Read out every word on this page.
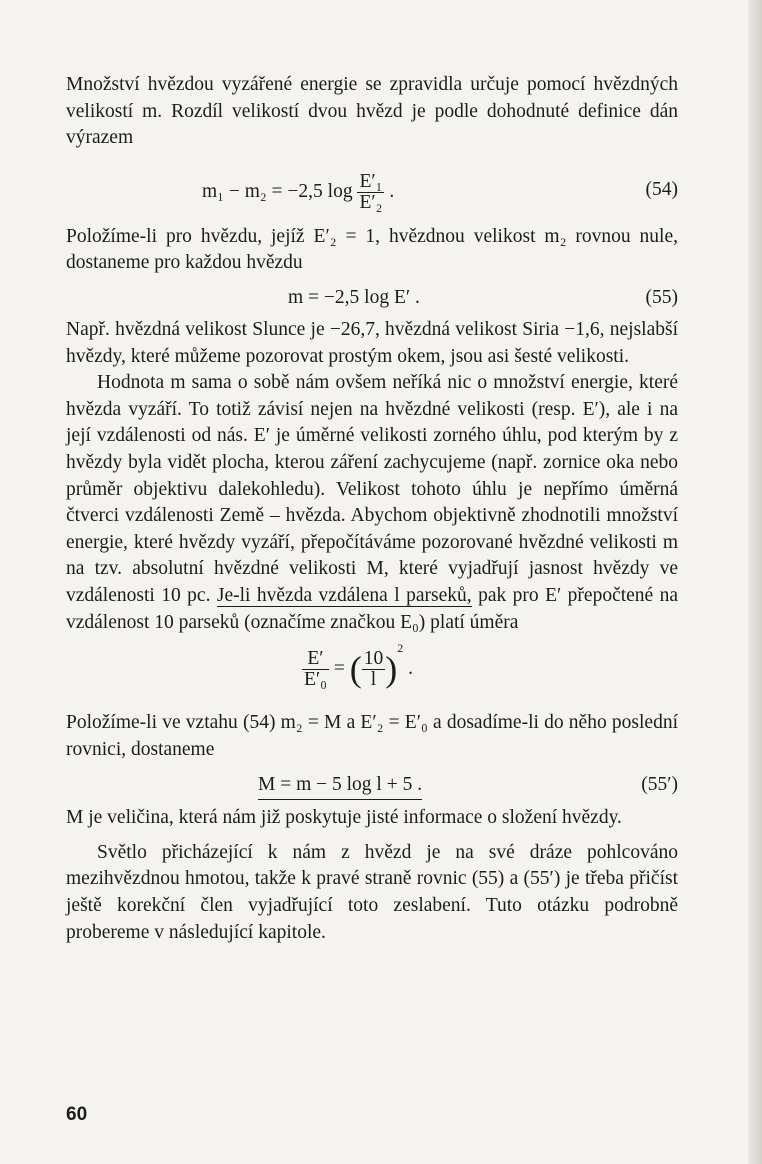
Množství hvězdou vyzářené energie se zpravidla určuje pomocí hvězdných velikostí m. Rozdíl velikostí dvou hvězd je podle dohodnuté definice dán výrazem

m₁ − m₂ = −2,5 $\log \frac{\text{E′₁}}{\text{E′₂}}$ .	(54)

Položíme-li pro hvězdu, jejíž E′₂ = 1, hvězdnou velikost m₂ rovnou nule, dostaneme pro každou hvězdu

m = −2,5 log E′ .	(55)

Např. hvězdná velikost Slunce je −26,7, hvězdná velikost Siria −1,6, nejslabší hvězdy, které můžeme pozorovat prostým okem, jsou asi šesté velikosti.

Hodnota m sama o sobě nám ovšem neříká nic o množství energie, které hvězda vyzáří. To totiž závisí nejen na hvězdné velikosti (resp. E′), ale i na její vzdálenosti od nás. E′ je úměrné velikosti zorného úhlu, pod kterým by z hvězdy byla vidět plocha, kterou záření zachycujeme (např. zornice oka nebo průměr objektivu dalekohledu). Velikost tohoto úhlu je nepřímo úměrná čtverci vzdálenosti Země – hvězda. Abychom objektivně zhodnotili množství energie, které hvězdy vyzáří, přepočítáváme pozorované hvězdné velikosti m na tzv. absolutní hvězdné velikosti M, které vyjadřují jasnost hvězdy ve vzdálenosti 10 pc. Je-li hvězda vzdálena l parseků, pak pro E′ přepočtené na vzdálenost 10 parseků (označíme značkou E₀) platí úměra

$\frac{E'}{\text{E′₀}}$ = ( $\frac{10}{l} )^2$ .

Položíme-li ve vztahu (54) m₂ = M a E′₂ = E′₀ a dosadíme-li do něho poslední rovnici, dostaneme

M = m − 5 log l + 5 .	(55′)

M je veličina, která nám již poskytuje jisté informace o složení hvězdy.

Světlo přicházející k nám z hvězd je na své dráze pohlcováno mezihvězdnou hmotou, takže k pravé straně rovnic (55) a (55′) je třeba přičíst ještě korekční člen vyjadřující toto zeslabení. Tuto otázku podrobně probereme v následující kapitole.

60
